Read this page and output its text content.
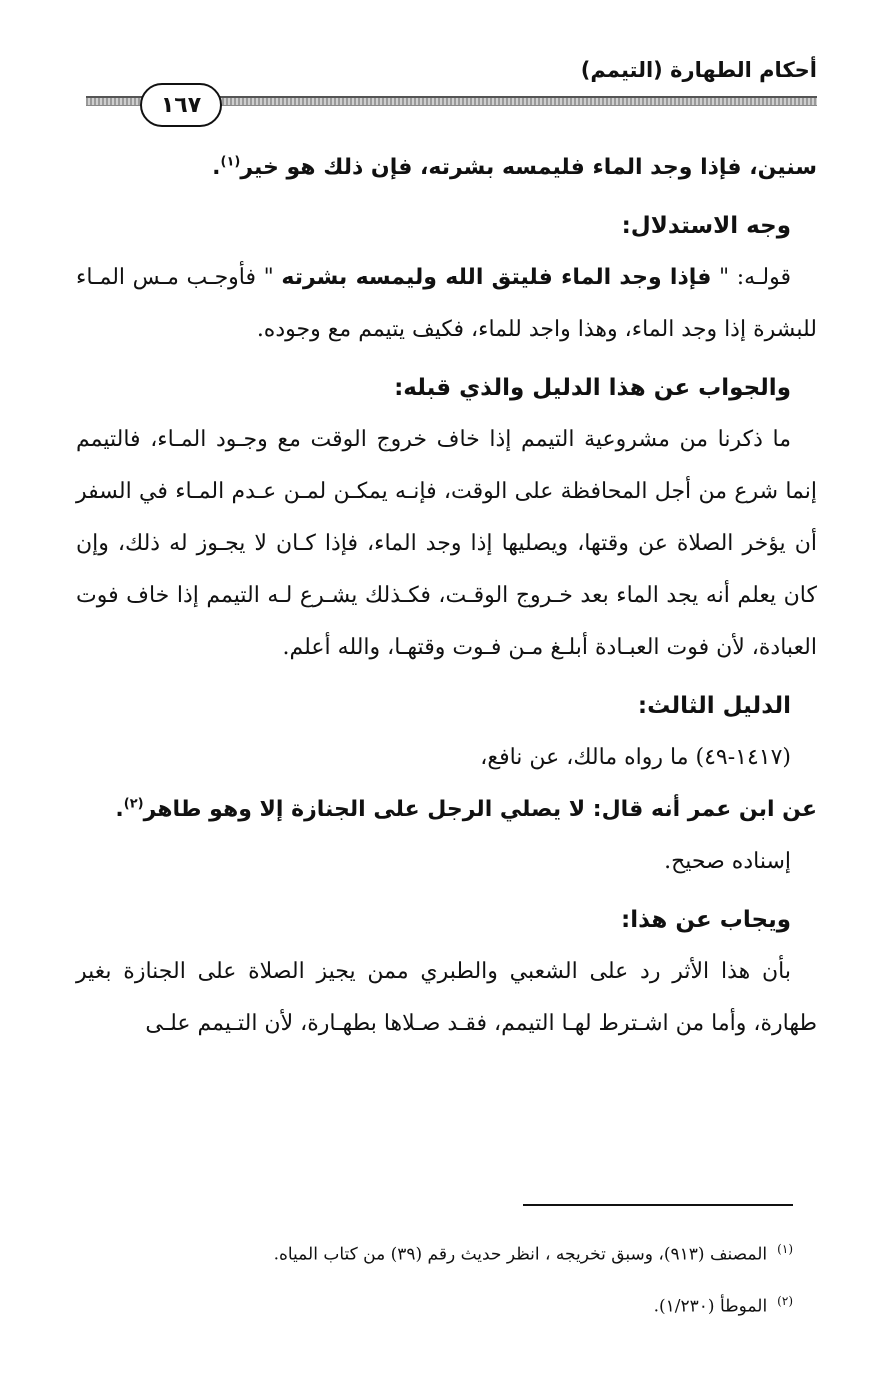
أحكام الطهارة (التيمم)
١٦٧

سنين، فإذا وجد الماء فليمسه بشرته، فإن ذلك هو خير$^{(١)}$.

وجه الاستدلال:

قولـه: " فإذا وجد الماء فليتق الله وليمسه بشرته " فأوجـب مـس المـاء للبشرة إذا وجد الماء، وهذا واجد للماء، فكيف يتيمم مع وجوده.

والجواب عن هذا الدليل والذي قبله:

ما ذكرنا من مشروعية التيمم إذا خاف خروج الوقت مع وجـود المـاء، فالتيمم إنما شرع من أجل المحافظة على الوقت، فإنـه يمكـن لمـن عـدم المـاء في السفر أن يؤخر الصلاة عن وقتها، ويصليها إذا وجد الماء، فإذا كـان لا يجـوز له ذلك، وإن كان يعلم أنه يجد الماء بعد خـروج الوقـت، فكـذلك يشـرع لـه التيمم إذا خاف فوت العبادة، لأن فوت العبـادة أبلـغ مـن فـوت وقتهـا، والله أعلم.

الدليل الثالث:

(١٤١٧-٤٩) ما رواه مالك، عن نافع،

عن ابن عمر أنه قال: لا يصلي الرجل على الجنازة إلا وهو طاهر$^{(٢)}$.

إسناده صحيح.

ويجاب عن هذا:

بأن هذا الأثر رد على الشعبي والطبري ممن يجيز الصلاة على الجنازة بغير طهارة، وأما من اشـترط لهـا التيمم، فقـد صـلاها بطهـارة، لأن التـيمم علـى

$^{(١)}$المصنف (٩١٣)، وسبق تخريجه ، انظر حديث رقم (٣٩) من كتاب المياه.

$^{(٢)}$الموطأ (١/٢٣٠).
